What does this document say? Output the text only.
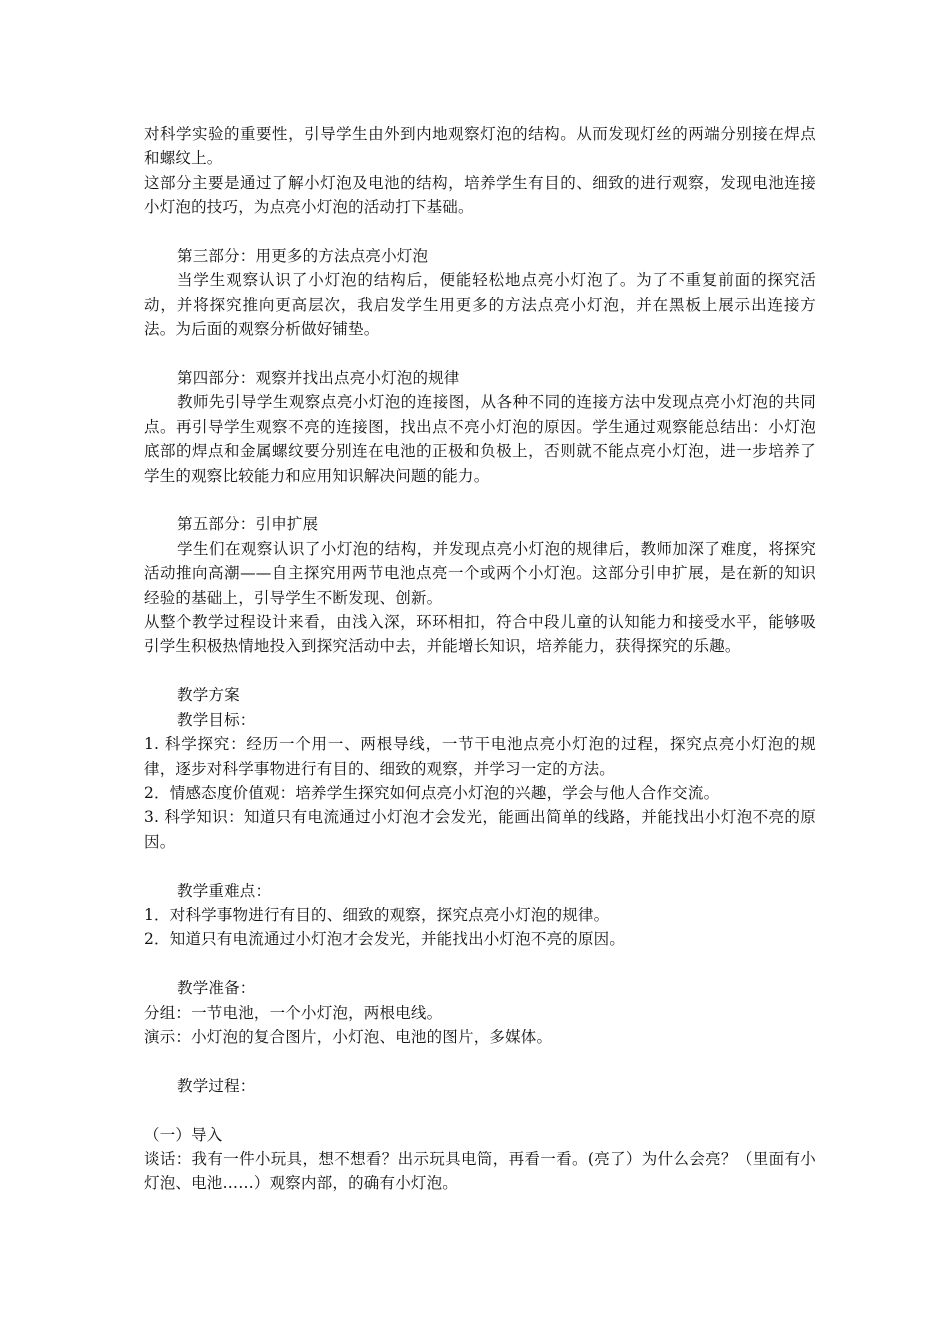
对科学实验的重要性，引导学生由外到内地观察灯泡的结构。从而发现灯丝的两端分别接在焊点和螺纹上。
这部分主要是通过了解小灯泡及电池的结构，培养学生有目的、细致的进行观察，发现电池连接小灯泡的技巧，为点亮小灯泡的活动打下基础。
第三部分：用更多的方法点亮小灯泡
当学生观察认识了小灯泡的结构后，便能轻松地点亮小灯泡了。为了不重复前面的探究活动，并将探究推向更高层次，我启发学生用更多的方法点亮小灯泡，并在黑板上展示出连接方法。为后面的观察分析做好铺垫。
第四部分：观察并找出点亮小灯泡的规律
教师先引导学生观察点亮小灯泡的连接图，从各种不同的连接方法中发现点亮小灯泡的共同点。再引导学生观察不亮的连接图，找出点不亮小灯泡的原因。学生通过观察能总结出：小灯泡底部的焊点和金属螺纹要分别连在电池的正极和负极上，否则就不能点亮小灯泡，进一步培养了学生的观察比较能力和应用知识解决问题的能力。
第五部分：引申扩展
学生们在观察认识了小灯泡的结构，并发现点亮小灯泡的规律后，教师加深了难度，将探究活动推向高潮——自主探究用两节电池点亮一个或两个小灯泡。这部分引申扩展，是在新的知识经验的基础上，引导学生不断发现、创新。
从整个教学过程设计来看，由浅入深，环环相扣，符合中段儿童的认知能力和接受水平，能够吸引学生积极热情地投入到探究活动中去，并能增长知识，培养能力，获得探究的乐趣。
教学方案
教学目标：
1. 科学探究：经历一个用一、两根导线，一节干电池点亮小灯泡的过程，探究点亮小灯泡的规律，逐步对科学事物进行有目的、细致的观察，并学习一定的方法。
2．情感态度价值观：培养学生探究如何点亮小灯泡的兴趣，学会与他人合作交流。
3. 科学知识：知道只有电流通过小灯泡才会发光，能画出简单的线路，并能找出小灯泡不亮的原因。
教学重难点：
1．对科学事物进行有目的、细致的观察，探究点亮小灯泡的规律。
2．知道只有电流通过小灯泡才会发光，并能找出小灯泡不亮的原因。
教学准备：
分组：一节电池，一个小灯泡，两根电线。
演示：小灯泡的复合图片，小灯泡、电池的图片，多媒体。
教学过程：
（一）导入
谈话：我有一件小玩具，想不想看？出示玩具电筒，再看一看。(亮了）为什么会亮？（里面有小灯泡、电池……）观察内部，的确有小灯泡。
